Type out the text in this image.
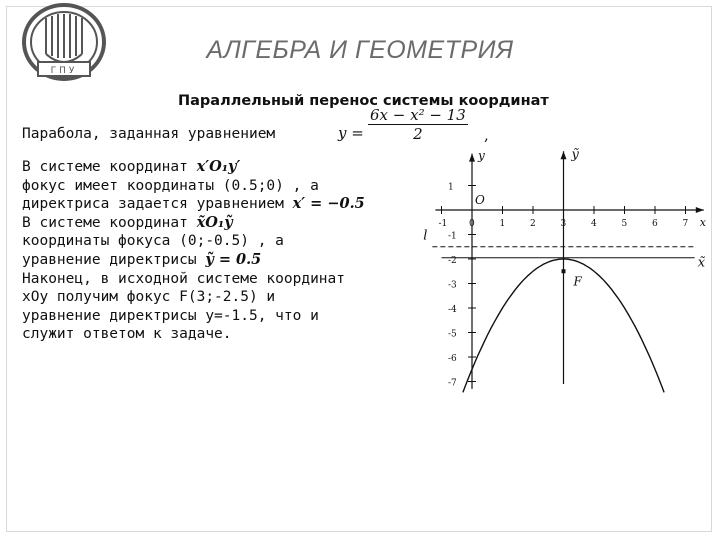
ГПУ
АЛГЕБРА И ГЕОМЕТРИЯ
Параллельный перенос системы координат
Парабола, заданная уравнением	$y = \frac{\text{6x − x² − 13}}{2}$ ,
В системе координат x′O₁y′
фокус имеет координаты (0.5;0) , а
директриса задается уравнением x′ = −0.5
В системе координат x̃O₁ỹ
координаты фокуса (0;-0.5) , а
уравнение директрисы ỹ = 0.5
Наконец, в исходной системе координат
хОу получим фокус F(3;-2.5) и
уравнение директрисы у=-1.5, что и
служит ответом к задаче.
-1 0	1	2	3	4	5	6	7
1
-1
-2
-3
-4
-5
-6
-7
x
y
O
ỹ
x̃
l
F
